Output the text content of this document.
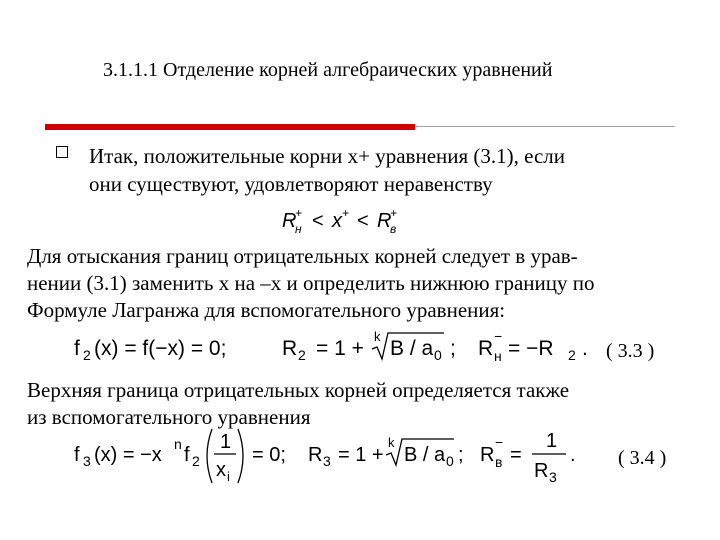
3.1.1.1 Отделение корней алгебраических уравнений
Итак, положительные корни x+ уравнения (3.1), если
они существуют, удовлетворяют неравенству
R
+
н < x + < R
+
в
Для отыскания границ отрицательных корней следует в урав-
нении (3.1) заменить x на –x и определить нижнюю границу по
Формуле Лагранжа для вспомогательного уравнения:
f 2 (x) = f(−x) = 0;	R 2 = 1 +
k
B / a 0 ; R
−
н = −R 2 . ( 3.3 )
Верхняя граница отрицательных корней определяется также
из вспомогательного уравнения
f 3 (x) = −x n f 2
1
x i
= 0; R 3 = 1 +
k
B / a 0 ; R
−
в =
1
R 3
. ( 3.4 )
